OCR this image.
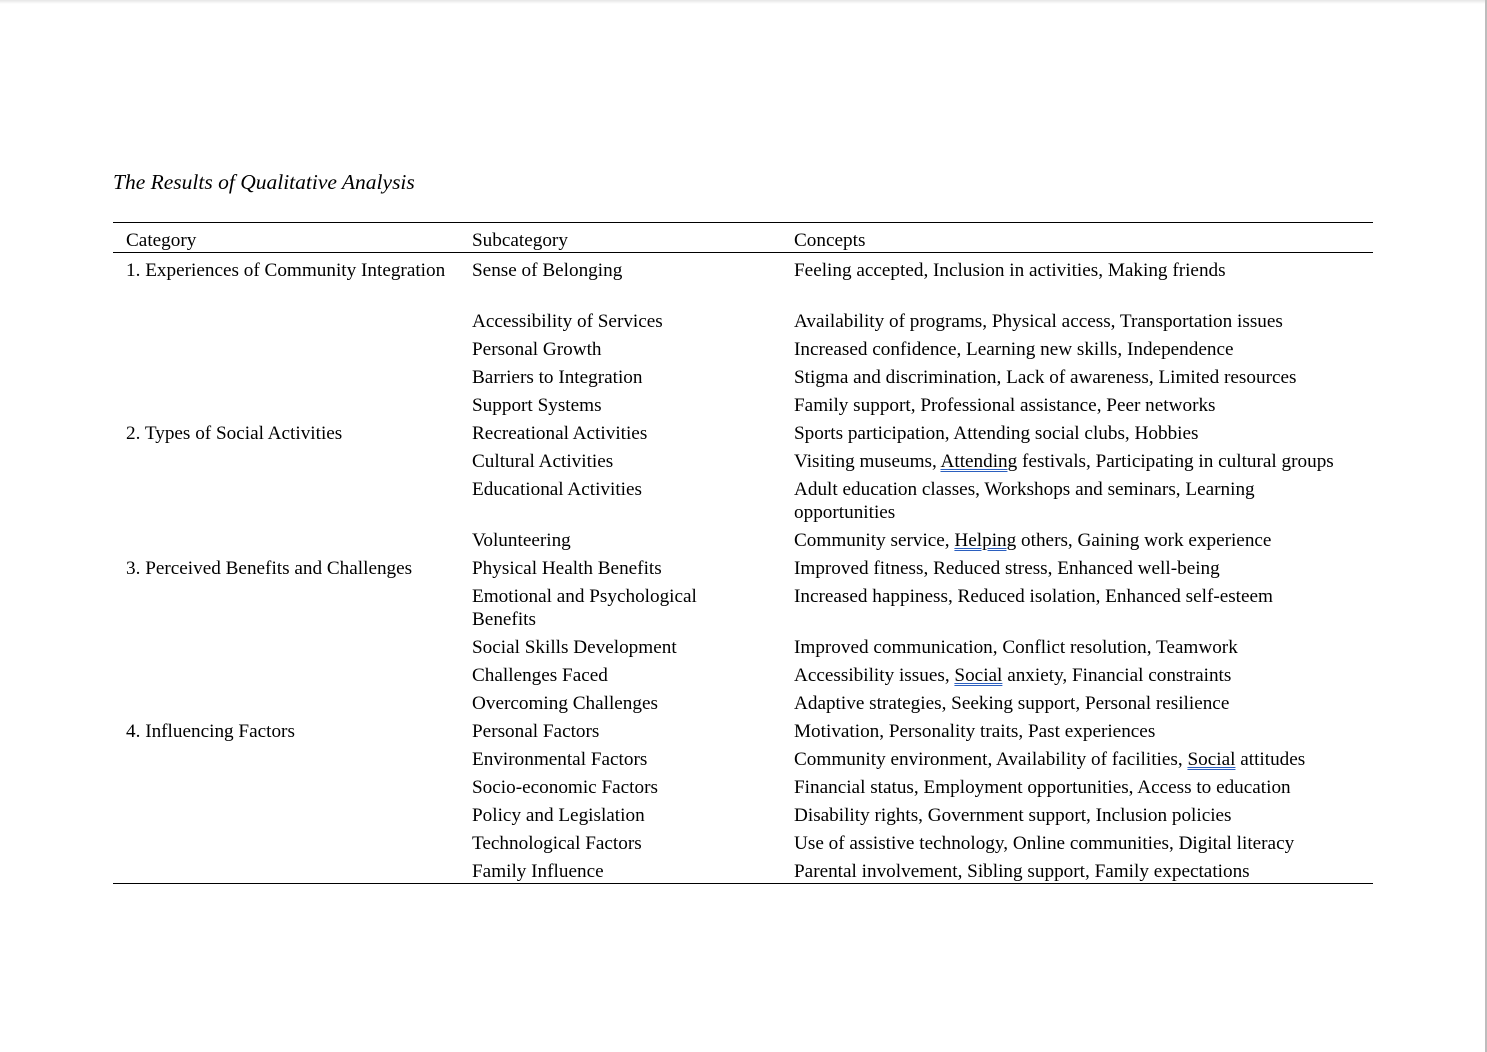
The Results of Qualitative Analysis
Category	Subcategory	Concepts
1. Experiences of Community Integration	Sense of Belonging	Feeling accepted, Inclusion in activities, Making friends
	Accessibility of Services	Availability of programs, Physical access, Transportation issues
	Personal Growth	Increased confidence, Learning new skills, Independence
	Barriers to Integration	Stigma and discrimination, Lack of awareness, Limited resources
	Support Systems	Family support, Professional assistance, Peer networks
2. Types of Social Activities	Recreational Activities	Sports participation, Attending social clubs, Hobbies
	Cultural Activities	Visiting museums, Attending festivals, Participating in cultural groups
	Educational Activities	Adult education classes, Workshops and seminars, Learning opportunities
	Volunteering	Community service, Helping others, Gaining work experience
3. Perceived Benefits and Challenges	Physical Health Benefits	Improved fitness, Reduced stress, Enhanced well-being
	Emotional and Psychological Benefits	Increased happiness, Reduced isolation, Enhanced self-esteem
	Social Skills Development	Improved communication, Conflict resolution, Teamwork
	Challenges Faced	Accessibility issues, Social anxiety, Financial constraints
	Overcoming Challenges	Adaptive strategies, Seeking support, Personal resilience
4. Influencing Factors	Personal Factors	Motivation, Personality traits, Past experiences
	Environmental Factors	Community environment, Availability of facilities, Social attitudes
	Socio-economic Factors	Financial status, Employment opportunities, Access to education
	Policy and Legislation	Disability rights, Government support, Inclusion policies
	Technological Factors	Use of assistive technology, Online communities, Digital literacy
	Family Influence	Parental involvement, Sibling support, Family expectations
